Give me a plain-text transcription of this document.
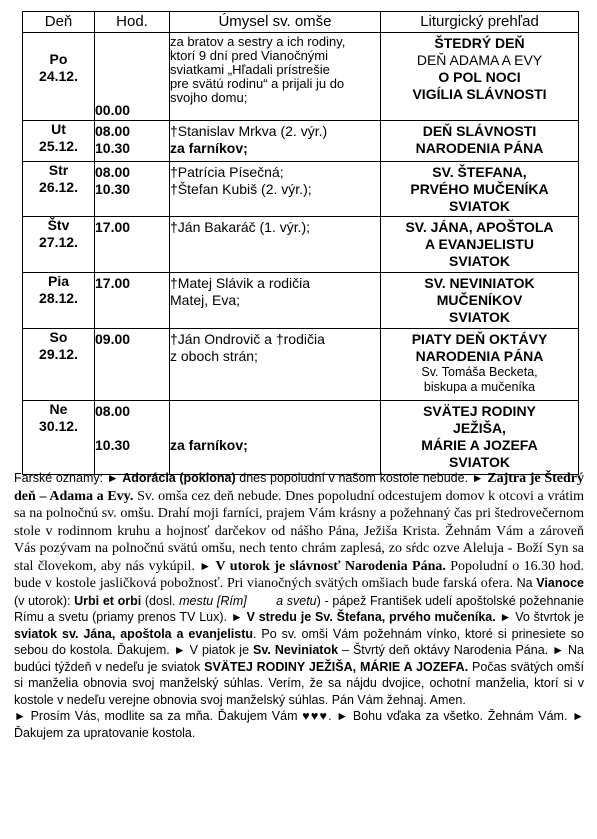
Deň	Hod.	Úmysel sv. omše	Liturgický prehľad

Po
24.12.	00.00	za bratov a sestry a ich rodiny,
ktorí 9 dní pred Vianočnými
sviatkami „Hľadali prístrešie
pre svätú rodinu“ a prijali ju do
svojho domu;	ŠTEDRÝ DEŇ
DEŇ ADAMA A EVY
O POL NOCI
VIGÍLIA SLÁVNOSTI

Ut
25.12.	08.00
10.30	†Stanislav Mrkva (2. výr.)
za farníkov;	DEŇ SLÁVNOSTI
NARODENIA PÁNA

Str
26.12.	08.00
10.30	†Patrícia Písečná;
†Štefan Kubiš (2. výr.);	SV. ŠTEFANA,
PRVÉHO MUČENÍKA
SVIATOK

Štv
27.12.	17.00	†Ján Bakaráč (1. výr.);	SV. JÁNA, APOŠTOLA
A EVANJELISTU
SVIATOK

Pia
28.12.	17.00	†Matej Slávik a rodičia
Matej, Eva;	SV. NEVINIATOK
MUČENÍKOV
SVIATOK

So
29.12.	09.00	†Ján Ondrovič a †rodičia
z oboch strán;	PIATY DEŇ OKTÁVY
NARODENIA PÁNA
Sv. Tomáša Becketa,
biskupa a mučeníka

Ne
30.12.	08.00
10.30	za farníkov;	SVÄTEJ RODINY
JEŽIŠA,
MÁRIE A JOZEFA
SVIATOK
Farské oznamy: ► Adorácia (poklona) dnes popoludní v našom kostole nebude. ► Zajtra je Štedrý deň – Adama a Evy. Sv. omša cez deň nebude. Dnes popoludní odcestujem domov k otcovi a vrátim sa na polnočnú sv. omšu. Drahí moji farníci, prajem Vám krásny a požehnaný čas pri štedrovečernom stole v rodinnom kruhu a hojnosť darčekov od nášho Pána, Ježiša Krista. Žehnám Vám a zároveň Vás pozývam na polnočnú svätú omšu, nech tento chrám zaplesá, zo sŕdc ozve Aleluja - Boží Syn sa stal človekom, aby nás vykúpil. ► V utorok je slávnosť Narodenia Pána. Popoludní o 16.30 hod. bude v kostole jasličková pobožnosť. Pri vianočných svätých omšiach bude farská ofera. Na Vianoce (v utorok): Urbi et orbi (dosl. mestu [Rím] a svetu) - pápež František udelí apoštolské požehnanie Rímu a svetu (priamy prenos TV Lux). ► V stredu je Sv. Štefana, prvého mučeníka. ► Vo štvrtok je sviatok sv. Jána, apoštola a evanjelistu. Po sv. omši Vám požehnám vínko, ktoré si prinesiete so sebou do kostola. Ďakujem. ► V piatok je Sv. Neviniatok – Štvrtý deň oktávy Narodenia Pána. ► Na budúci týždeň v nedeľu je sviatok SVÄTEJ RODINY JEŽIŠA, MÁRIE A JOZEFA. Počas svätých omší si manželia obnovia svoj manželský súhlas. Verím, že sa nájdu dvojice, ochotní manželia, ktorí si v kostole v nedeľu verejne obnovia svoj manželský súhlas. Pán Vám žehnaj. Amen.
► Prosím Vás, modlite sa za mňa. Ďakujem Vám ♥♥♥. ► Bohu vďaka za všetko. Žehnám Vám. ► Ďakujem za upratovanie kostola.
